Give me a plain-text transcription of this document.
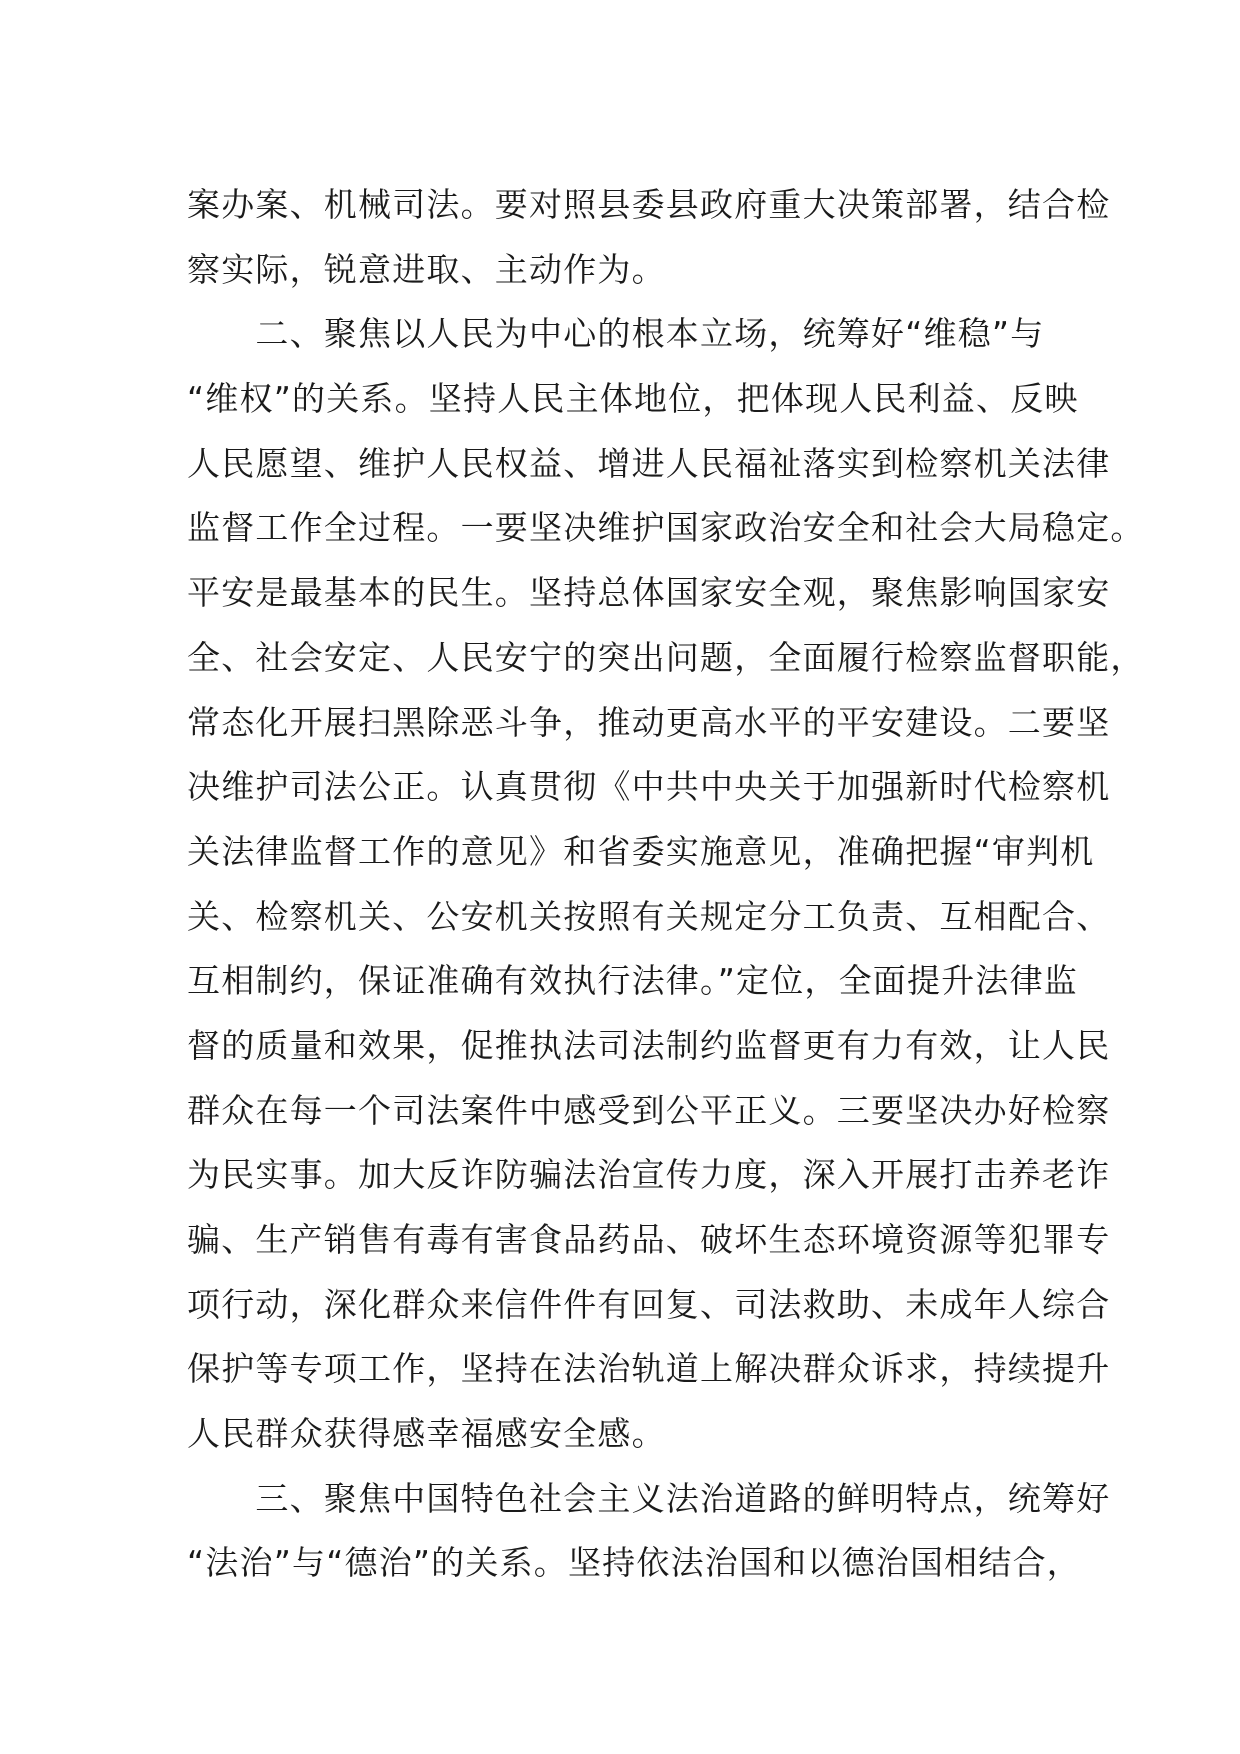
案办案、机械司法。要对照县委县政府重大决策部署，结合检
察实际，锐意进取、主动作为。
　　二、聚焦以人民为中心的根本立场，统筹好“维稳”与
“维权”的关系。坚持人民主体地位，把体现人民利益、反映
人民愿望、维护人民权益、增进人民福祉落实到检察机关法律
监督工作全过程。一要坚决维护国家政治安全和社会大局稳定。
平安是最基本的民生。坚持总体国家安全观，聚焦影响国家安
全、社会安定、人民安宁的突出问题，全面履行检察监督职能，
常态化开展扫黑除恶斗争，推动更高水平的平安建设。二要坚
决维护司法公正。认真贯彻《中共中央关于加强新时代检察机
关法律监督工作的意见》和省委实施意见，准确把握“审判机
关、检察机关、公安机关按照有关规定分工负责、互相配合、
互相制约，保证准确有效执行法律。”定位，全面提升法律监
督的质量和效果，促推执法司法制约监督更有力有效，让人民
群众在每一个司法案件中感受到公平正义。三要坚决办好检察
为民实事。加大反诈防骗法治宣传力度，深入开展打击养老诈
骗、生产销售有毒有害食品药品、破坏生态环境资源等犯罪专
项行动，深化群众来信件件有回复、司法救助、未成年人综合
保护等专项工作，坚持在法治轨道上解决群众诉求，持续提升
人民群众获得感幸福感安全感。
　　三、聚焦中国特色社会主义法治道路的鲜明特点，统筹好
“法治”与“德治”的关系。坚持依法治国和以德治国相结合，
